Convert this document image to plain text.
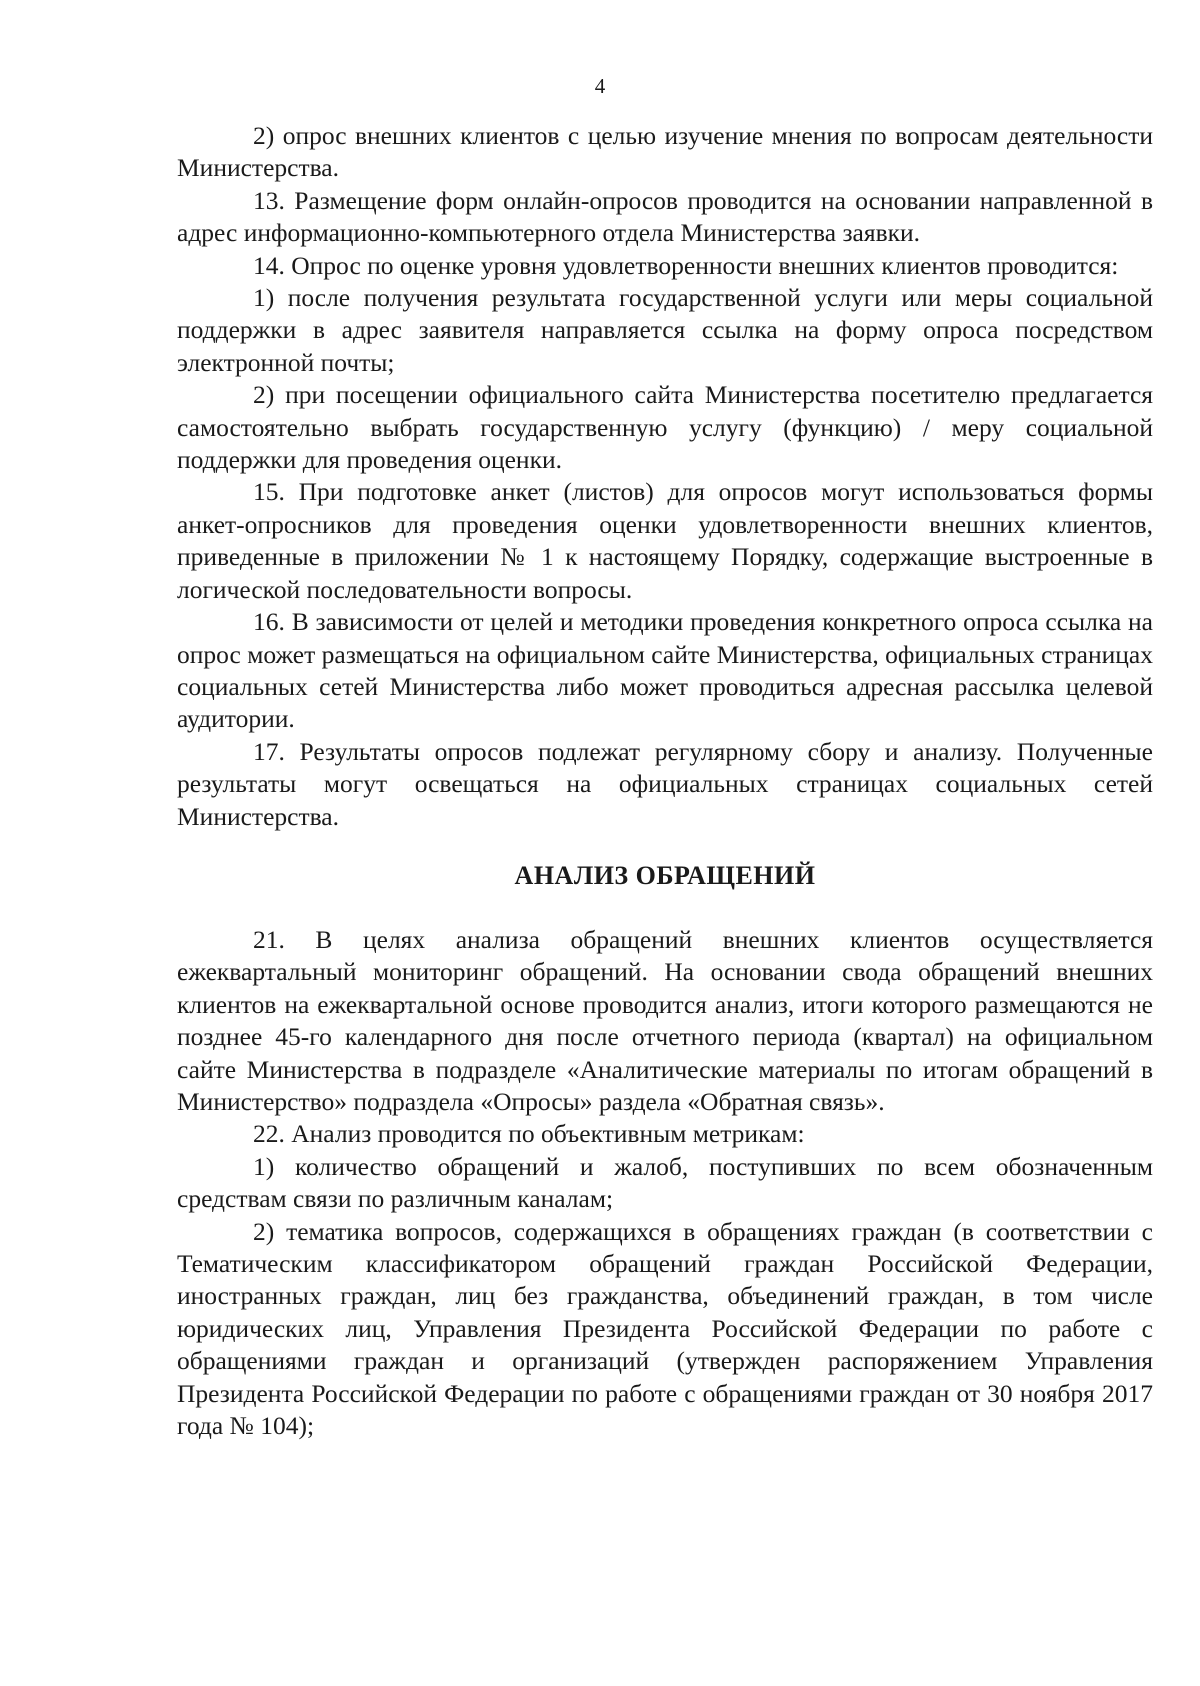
4

2) опрос внешних клиентов с целью изучение мнения по вопросам деятельности Министерства.

13. Размещение форм онлайн-опросов проводится на основании направленной в адрес информационно-компьютерного отдела Министерства заявки.

14. Опрос по оценке уровня удовлетворенности внешних клиентов проводится:

1) после получения результата государственной услуги или меры социальной поддержки в адрес заявителя направляется ссылка на форму опроса посредством электронной почты;

2) при посещении официального сайта Министерства посетителю предлагается самостоятельно выбрать государственную услугу (функцию) / меру социальной поддержки для проведения оценки.

15. При подготовке анкет (листов) для опросов могут использоваться формы анкет-опросников для проведения оценки удовлетворенности внешних клиентов, приведенные в приложении № 1 к настоящему Порядку, содержащие выстроенные в логической последовательности вопросы.

16. В зависимости от целей и методики проведения конкретного опроса ссылка на опрос может размещаться на официальном сайте Министерства, официальных страницах социальных сетей Министерства либо может проводиться адресная рассылка целевой аудитории.

17. Результаты опросов подлежат регулярному сбору и анализу. Полученные результаты могут освещаться на официальных страницах социальных сетей Министерства.

АНАЛИЗ ОБРАЩЕНИЙ

21. В целях анализа обращений внешних клиентов осуществляется ежеквартальный мониторинг обращений. На основании свода обращений внешних клиентов на ежеквартальной основе проводится анализ, итоги которого размещаются не позднее 45-го календарного дня после отчетного периода (квартал) на официальном сайте Министерства в подразделе «Аналитические материалы по итогам обращений в Министерство» подраздела «Опросы» раздела «Обратная связь».

22. Анализ проводится по объективным метрикам:

1) количество обращений и жалоб, поступивших по всем обозначенным средствам связи по различным каналам;

2) тематика вопросов, содержащихся в обращениях граждан (в соответствии с Тематическим классификатором обращений граждан Российской Федерации, иностранных граждан, лиц без гражданства, объединений граждан, в том числе юридических лиц, Управления Президента Российской Федерации по работе с обращениями граждан и организаций (утвержден распоряжением Управления Президента Российской Федерации по работе с обращениями граждан от 30 ноября 2017 года № 104);
